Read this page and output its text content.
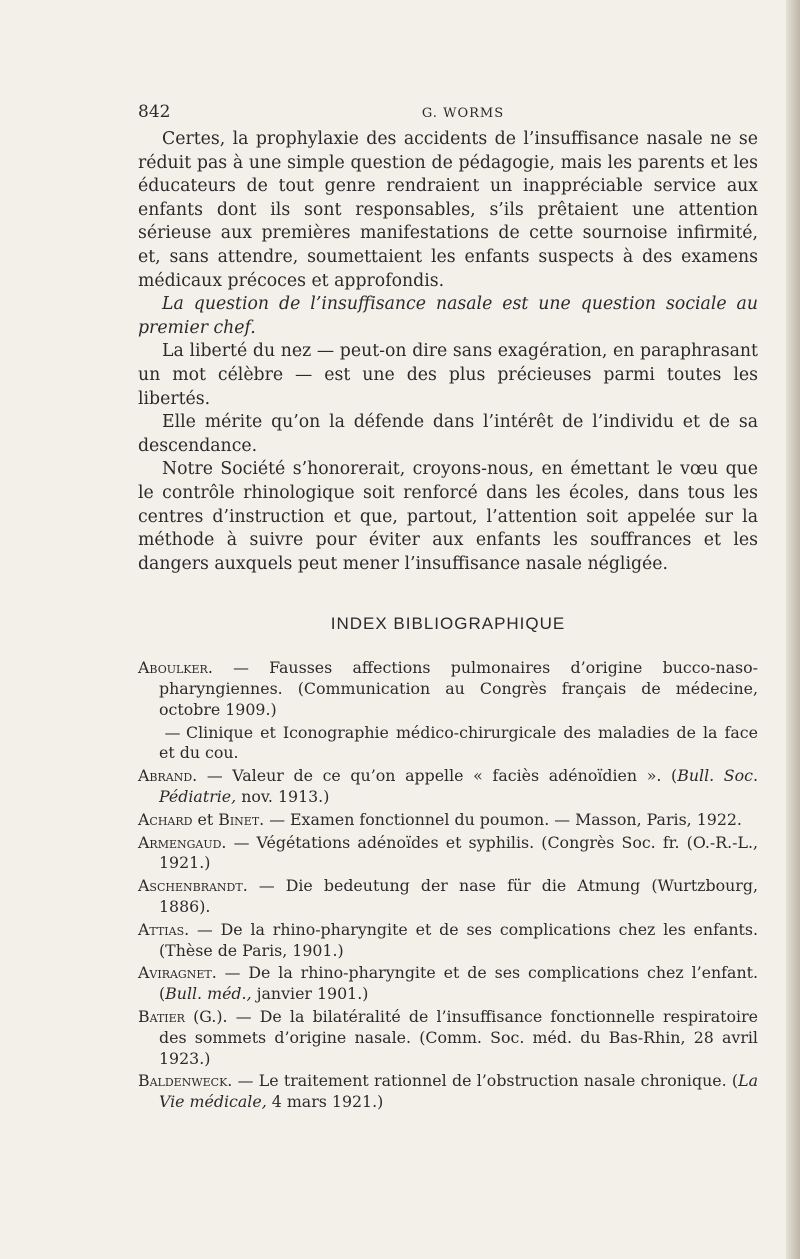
842	G. WORMS

Certes, la prophylaxie des accidents de l’insuffisance nasale ne se réduit pas à une simple question de pédagogie, mais les parents et les éducateurs de tout genre rendraient un inappréciable service aux enfants dont ils sont responsables, s’ils prêtaient une attention sérieuse aux premières manifestations de cette sournoise infirmité, et, sans attendre, soumettaient les enfants suspects à des examens médicaux précoces et approfondis.

La question de l’insuffisance nasale est une question sociale au premier chef.

La liberté du nez — peut-on dire sans exagération, en paraphrasant un mot célèbre — est une des plus précieuses parmi toutes les libertés.

Elle mérite qu’on la défende dans l’intérêt de l’individu et de sa descendance.

Notre Société s’honorerait, croyons-nous, en émettant le vœu que le contrôle rhinologique soit renforcé dans les écoles, dans tous les centres d’instruction et que, partout, l’attention soit appelée sur la méthode à suivre pour éviter aux enfants les souffrances et les dangers auxquels peut mener l’insuffisance nasale négligée.

INDEX BIBLIOGRAPHIQUE
Aboulker. — Fausses affections pulmonaires d’origine bucco-naso-pharyngiennes. (Communication au Congrès français de médecine, octobre 1909.)
— Clinique et Iconographie médico-chirurgicale des maladies de la face et du cou.
Abrand. — Valeur de ce qu’on appelle « faciès adénoïdien ». (Bull. Soc. Pédiatrie, nov. 1913.)
Achard et Binet. — Examen fonctionnel du poumon. — Masson, Paris, 1922.
Armengaud. — Végétations adénoïdes et syphilis. (Congrès Soc. fr. (O.-R.-L., 1921.)
Aschenbrandt. — Die bedeutung der nase für die Atmung (Wurtzbourg, 1886).
Attias. — De la rhino-pharyngite et de ses complications chez les enfants. (Thèse de Paris, 1901.)
Aviragnet. — De la rhino-pharyngite et de ses complications chez l’enfant. (Bull. méd., janvier 1901.)
Batier (G.). — De la bilatéralité de l’insuffisance fonctionnelle respiratoire des sommets d’origine nasale. (Comm. Soc. méd. du Bas-Rhin, 28 avril 1923.)
Baldenweck. — Le traitement rationnel de l’obstruction nasale chronique. (La Vie médicale, 4 mars 1921.)
